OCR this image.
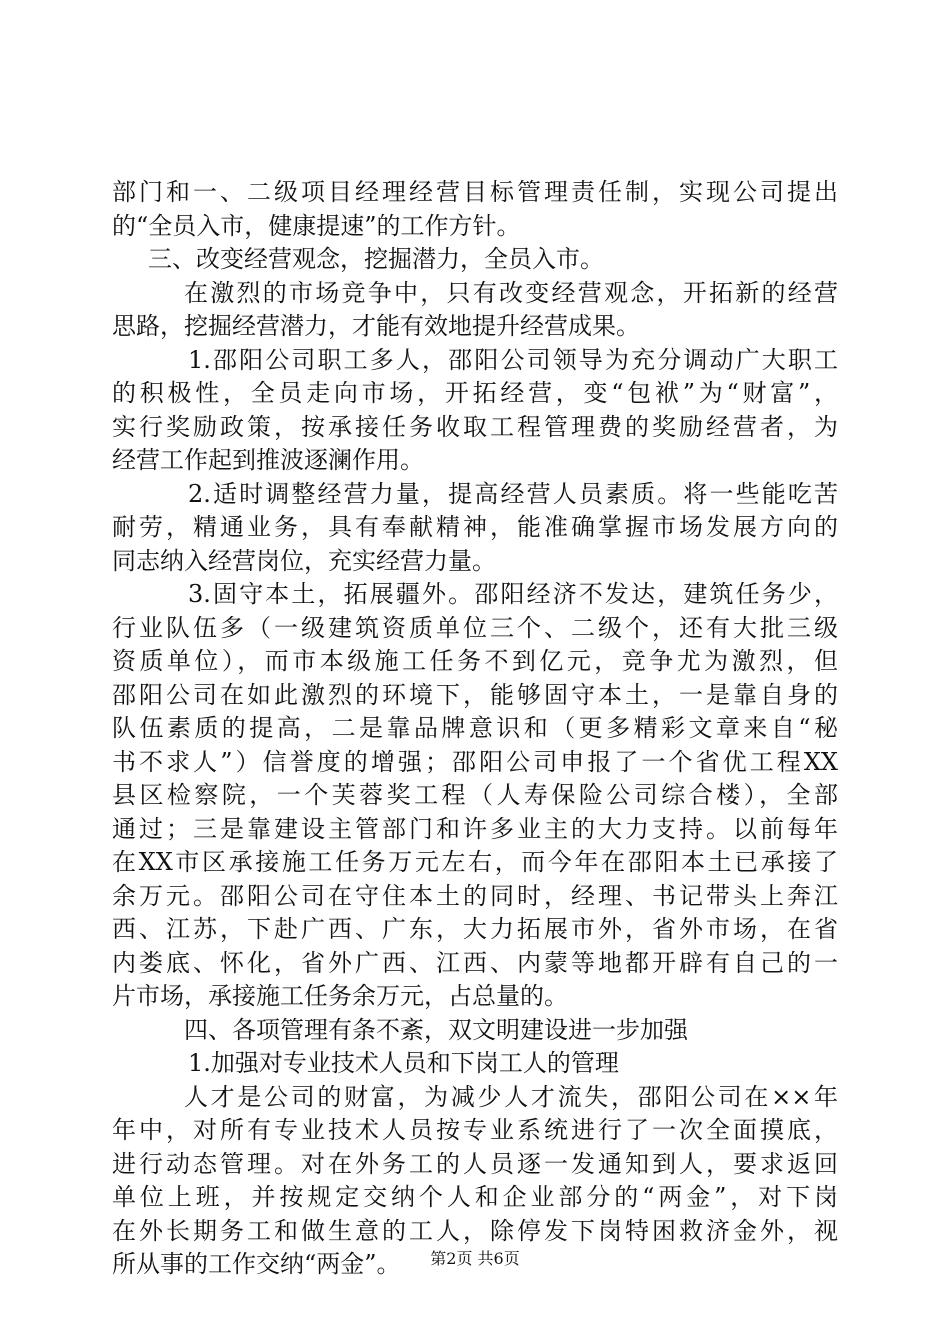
部门和一、二级项目经理经营目标管理责任制，实现公司提出
的“全员入市，健康提速”的工作方针。
三、改变经营观念，挖掘潜力，全员入市。
在激烈的市场竞争中，只有改变经营观念，开拓新的经营
思路，挖掘经营潜力，才能有效地提升经营成果。
1.邵阳公司职工多人，邵阳公司领导为充分调动广大职工
的积极性，全员走向市场，开拓经营，变“包袱”为“财富”，
实行奖励政策，按承接任务收取工程管理费的奖励经营者，为
经营工作起到推波逐澜作用。
2.适时调整经营力量，提高经营人员素质。将一些能吃苦
耐劳，精通业务，具有奉献精神，能准确掌握市场发展方向的
同志纳入经营岗位，充实经营力量。
3.固守本土，拓展疆外。邵阳经济不发达，建筑任务少，
行业队伍多（一级建筑资质单位三个、二级个，还有大批三级
资质单位），而市本级施工任务不到亿元，竞争尤为激烈，但
邵阳公司在如此激烈的环境下，能够固守本土，一是靠自身的
队伍素质的提高，二是靠品牌意识和（更多精彩文章来自“秘
书不求人”）信誉度的增强；邵阳公司申报了一个省优工程XX
县区检察院，一个芙蓉奖工程（人寿保险公司综合楼），全部
通过；三是靠建设主管部门和许多业主的大力支持。以前每年
在XX市区承接施工任务万元左右，而今年在邵阳本土已承接了
余万元。邵阳公司在守住本土的同时，经理、书记带头上奔江
西、江苏，下赴广西、广东，大力拓展市外，省外市场，在省
内娄底、怀化，省外广西、江西、内蒙等地都开辟有自己的一
片市场，承接施工任务余万元，占总量的。
四、各项管理有条不紊，双文明建设进一步加强
1.加强对专业技术人员和下岗工人的管理
人才是公司的财富，为减少人才流失，邵阳公司在××年
年中，对所有专业技术人员按专业系统进行了一次全面摸底，
进行动态管理。对在外务工的人员逐一发通知到人，要求返回
单位上班，并按规定交纳个人和企业部分的“两金”，对下岗
在外长期务工和做生意的工人，除停发下岗特困救济金外，视
所从事的工作交纳“两金”。	第2页 共6页
